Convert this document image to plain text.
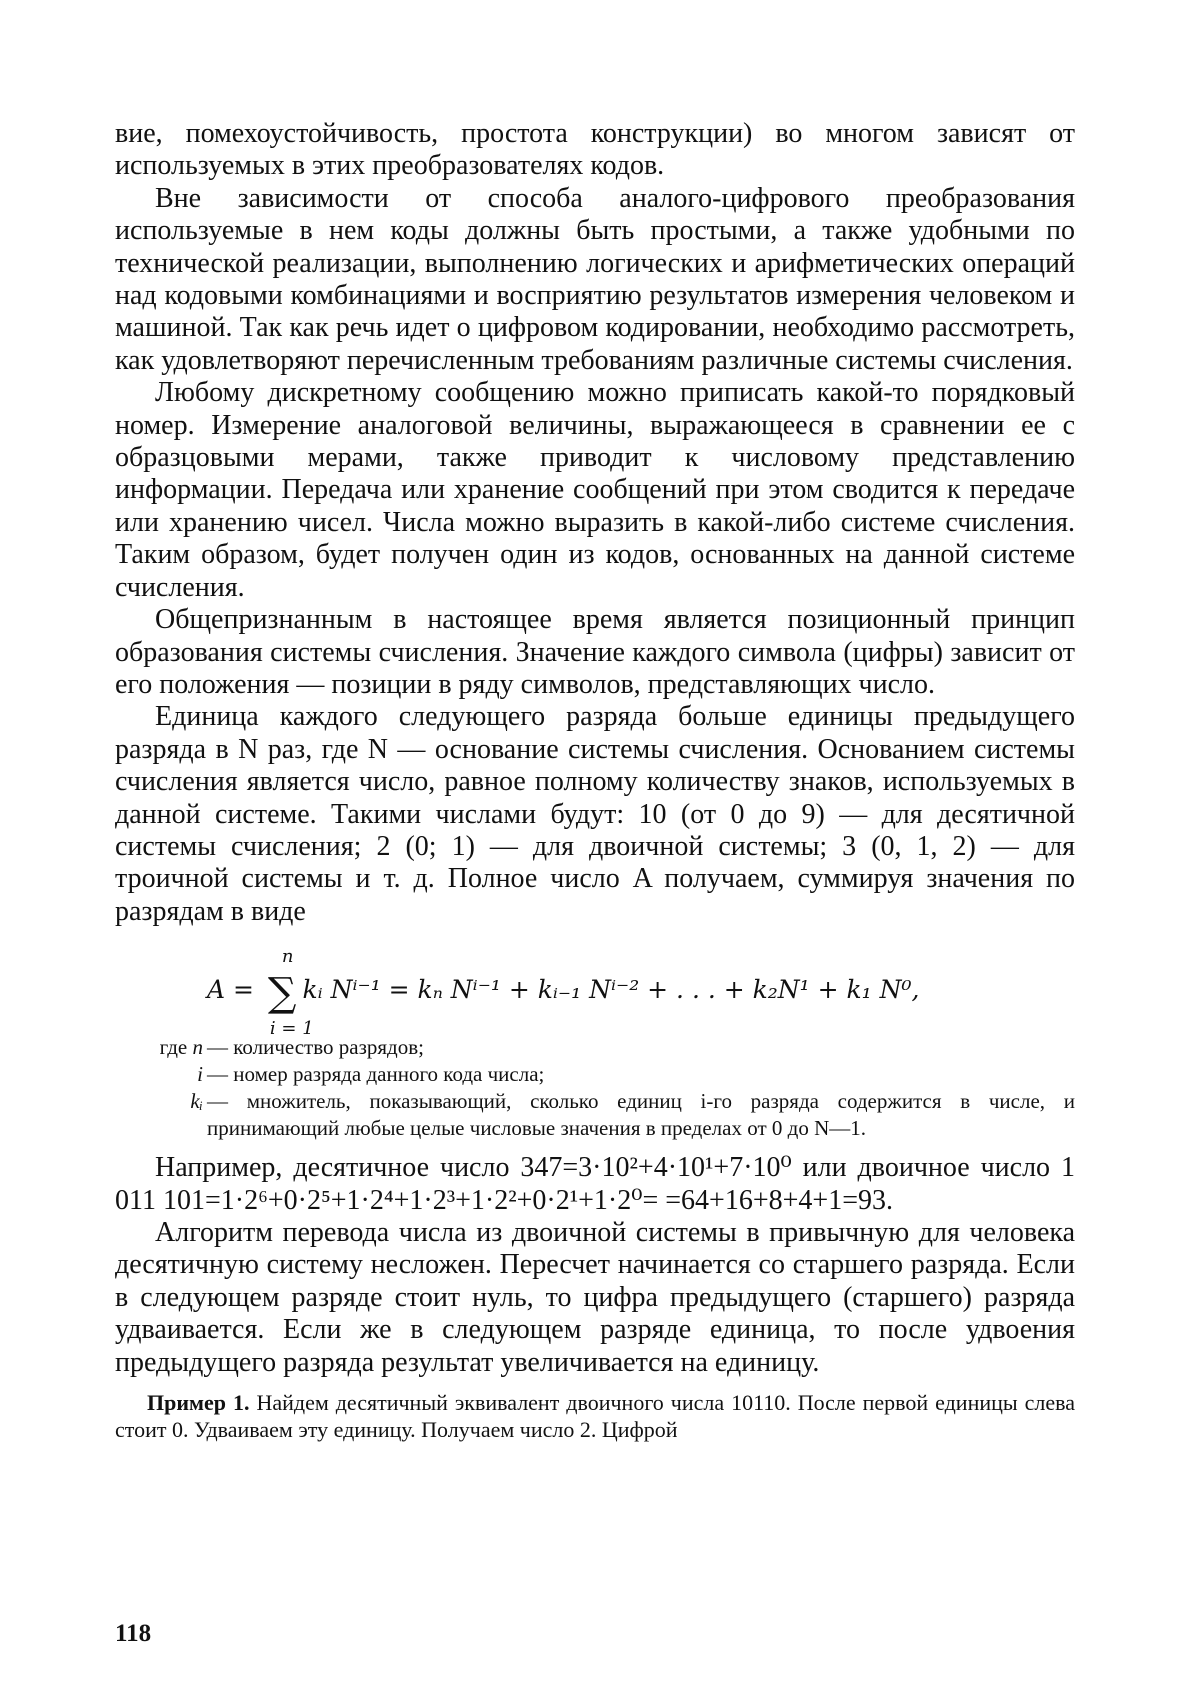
вие, помехоустойчивость, простота конструкции) во многом зависят от используемых в этих преобразователях кодов.

Вне зависимости от способа аналого-цифрового преобразования используемые в нем коды должны быть простыми, а также удобными по технической реализации, выполнению логических и арифметических операций над кодовыми комбинациями и восприятию результатов измерения человеком и машиной. Так как речь идет о цифровом кодировании, необходимо рассмотреть, как удовлетворяют перечисленным требованиям различные системы счисления.

Любому дискретному сообщению можно приписать какой-то порядковый номер. Измерение аналоговой величины, выражающееся в сравнении ее с образцовыми мерами, также приводит к числовому представлению информации. Передача или хранение сообщений при этом сводится к передаче или хранению чисел. Числа можно выразить в какой-либо системе счисления. Таким образом, будет получен один из кодов, основанных на данной системе счисления.

Общепризнанным в настоящее время является позиционный принцип образования системы счисления. Значение каждого символа (цифры) зависит от его положения — позиции в ряду символов, представляющих число.

Единица каждого следующего разряда больше единицы предыдущего разряда в N раз, где N — основание системы счисления. Основанием системы счисления является число, равное полному количеству знаков, используемых в данной системе. Такими числами будут: 10 (от 0 до 9) — для десятичной системы счисления; 2 (0; 1) — для двоичной системы; 3 (0, 1, 2) — для троичной системы и т. д. Полное число A получаем, суммируя значения по разрядам в виде

A = ∑
n
i = 1
kᵢ Nⁱ⁻¹ = kₙ Nⁱ⁻¹ + kᵢ₋₁ Nⁱ⁻² + . . . + k₂N¹ + k₁ N⁰,
где n — количество разрядов;
i — номер разряда данного кода числа;
kᵢ — множитель, показывающий, сколько единиц i-го разряда содержится в числе, и принимающий любые целые числовые значения в пределах от 0 до N—1.

Например, десятичное число 347=3·10²+4·10¹+7·10⁰ или двоичное число 1 011 101=1·2⁶+0·2⁵+1·2⁴+1·2³+1·2²+0·2¹+1·2⁰= =64+16+8+4+1=93.

Алгоритм перевода числа из двоичной системы в привычную для человека десятичную систему несложен. Пересчет начинается со старшего разряда. Если в следующем разряде стоит нуль, то цифра предыдущего (старшего) разряда удваивается. Если же в следующем разряде единица, то после удвоения предыдущего разряда результат увеличивается на единицу.

Пример 1. Найдем десятичный эквивалент двоичного числа 10110. После первой единицы слева стоит 0. Удваиваем эту единицу. Получаем число 2. Цифрой

118
